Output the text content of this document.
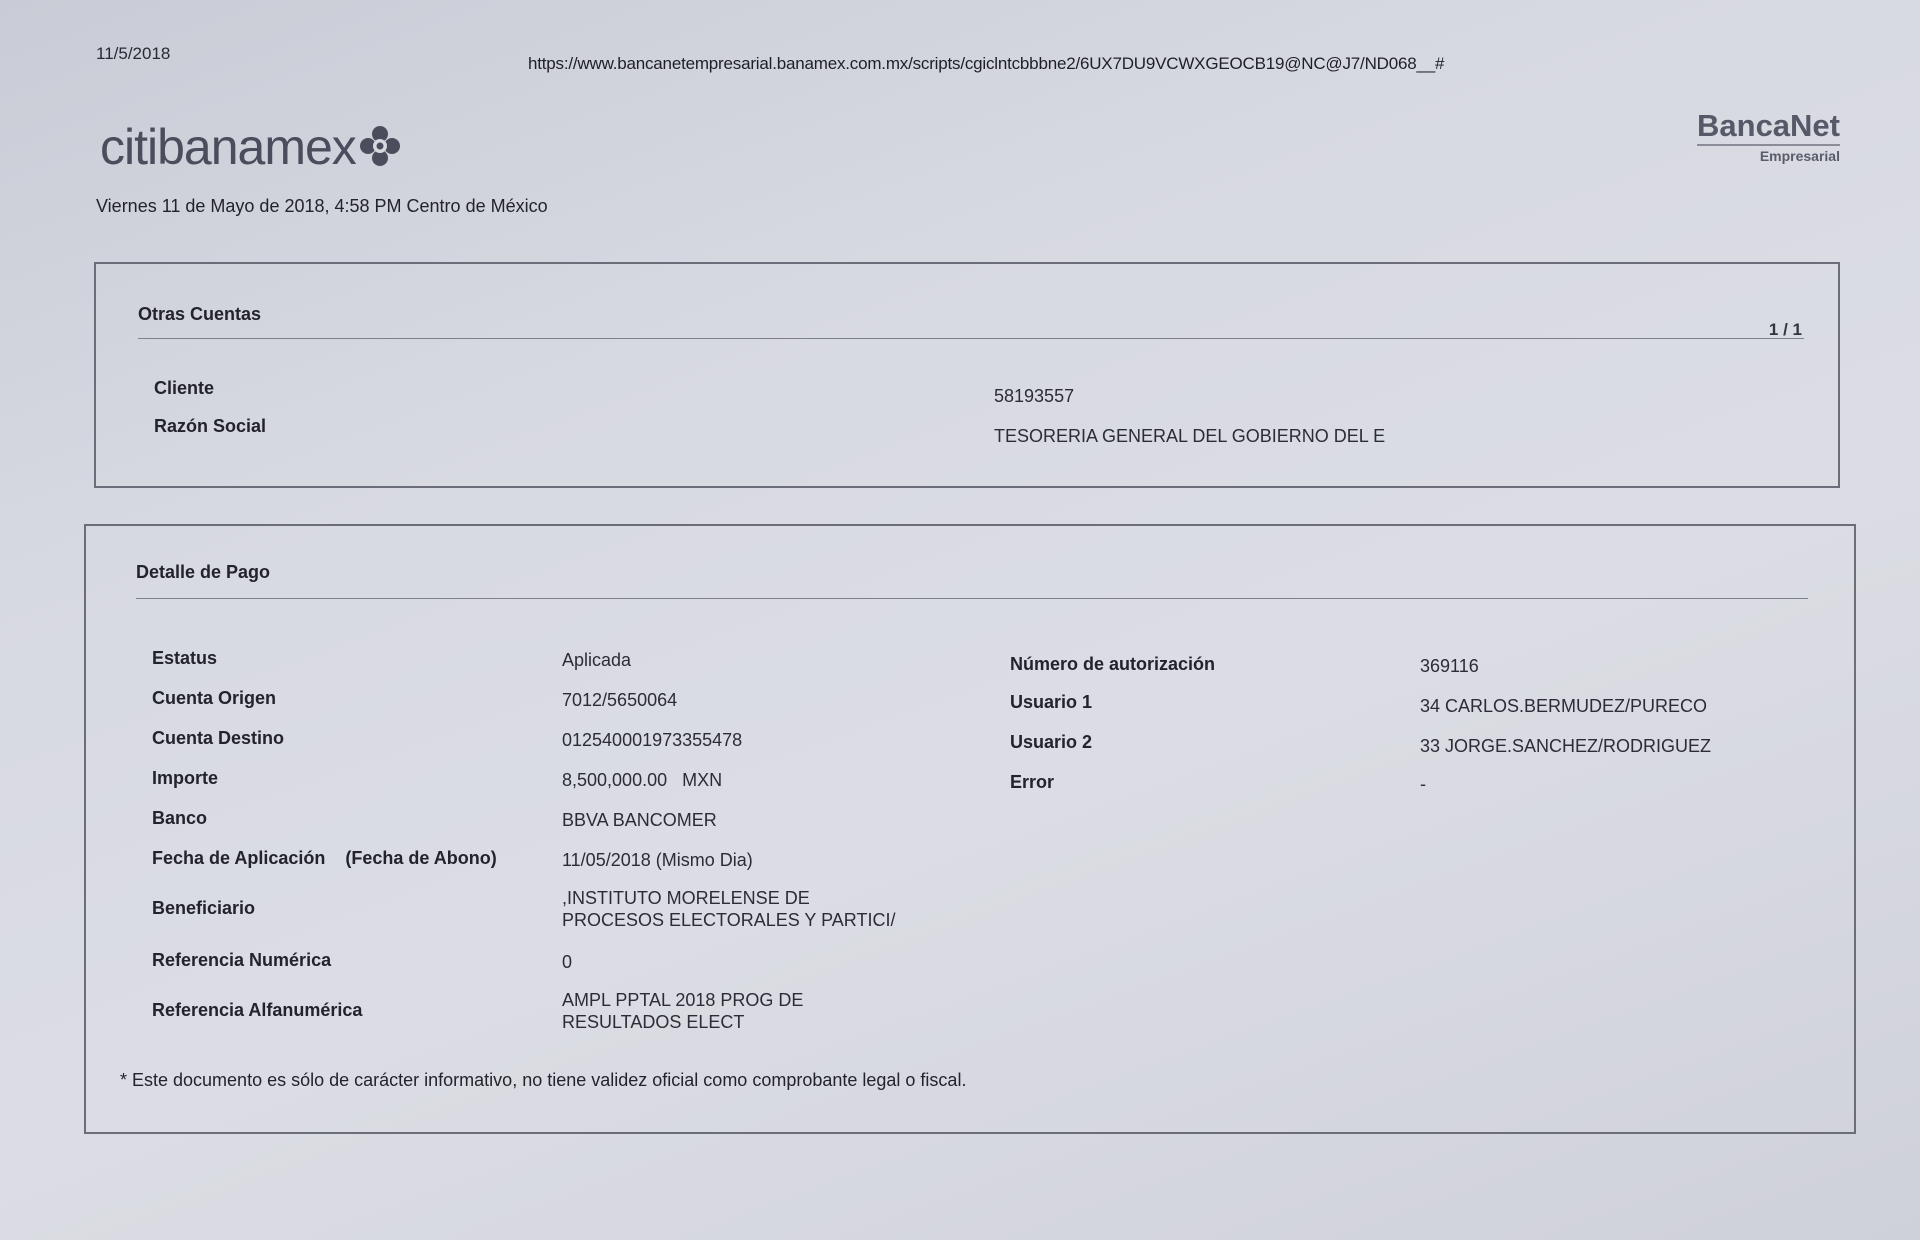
11/5/2018
https://www.bancanetempresarial.banamex.com.mx/scripts/cgiclntcbbbne2/6UX7DU9VCWXGEOCB19@NC@J7/ND068__#
citibanamex	BancaNet
Empresarial
Viernes 11 de Mayo de 2018, 4:58 PM Centro de México
Otras Cuentas
1 / 1
Cliente	58193557
Razón Social	TESORERIA GENERAL DEL GOBIERNO DEL E
Detalle de Pago
Estatus	Aplicada
Cuenta Origen	7012/5650064
Cuenta Destino	012540001973355478
Importe	8,500,000.00   MXN
Banco	BBVA BANCOMER
Fecha de Aplicación    (Fecha de Abono)	11/05/2018 (Mismo Dia)
Beneficiario	,INSTITUTO MORELENSE DE
PROCESOS ELECTORALES Y PARTICI/
Referencia Numérica	0
Referencia Alfanumérica	AMPL PPTAL 2018 PROG DE
RESULTADOS ELECT
Número de autorización	369116
Usuario 1	34 CARLOS.BERMUDEZ/PURECO
Usuario 2	33 JORGE.SANCHEZ/RODRIGUEZ
Error	-
* Este documento es sólo de carácter informativo, no tiene validez oficial como comprobante legal o fiscal.
